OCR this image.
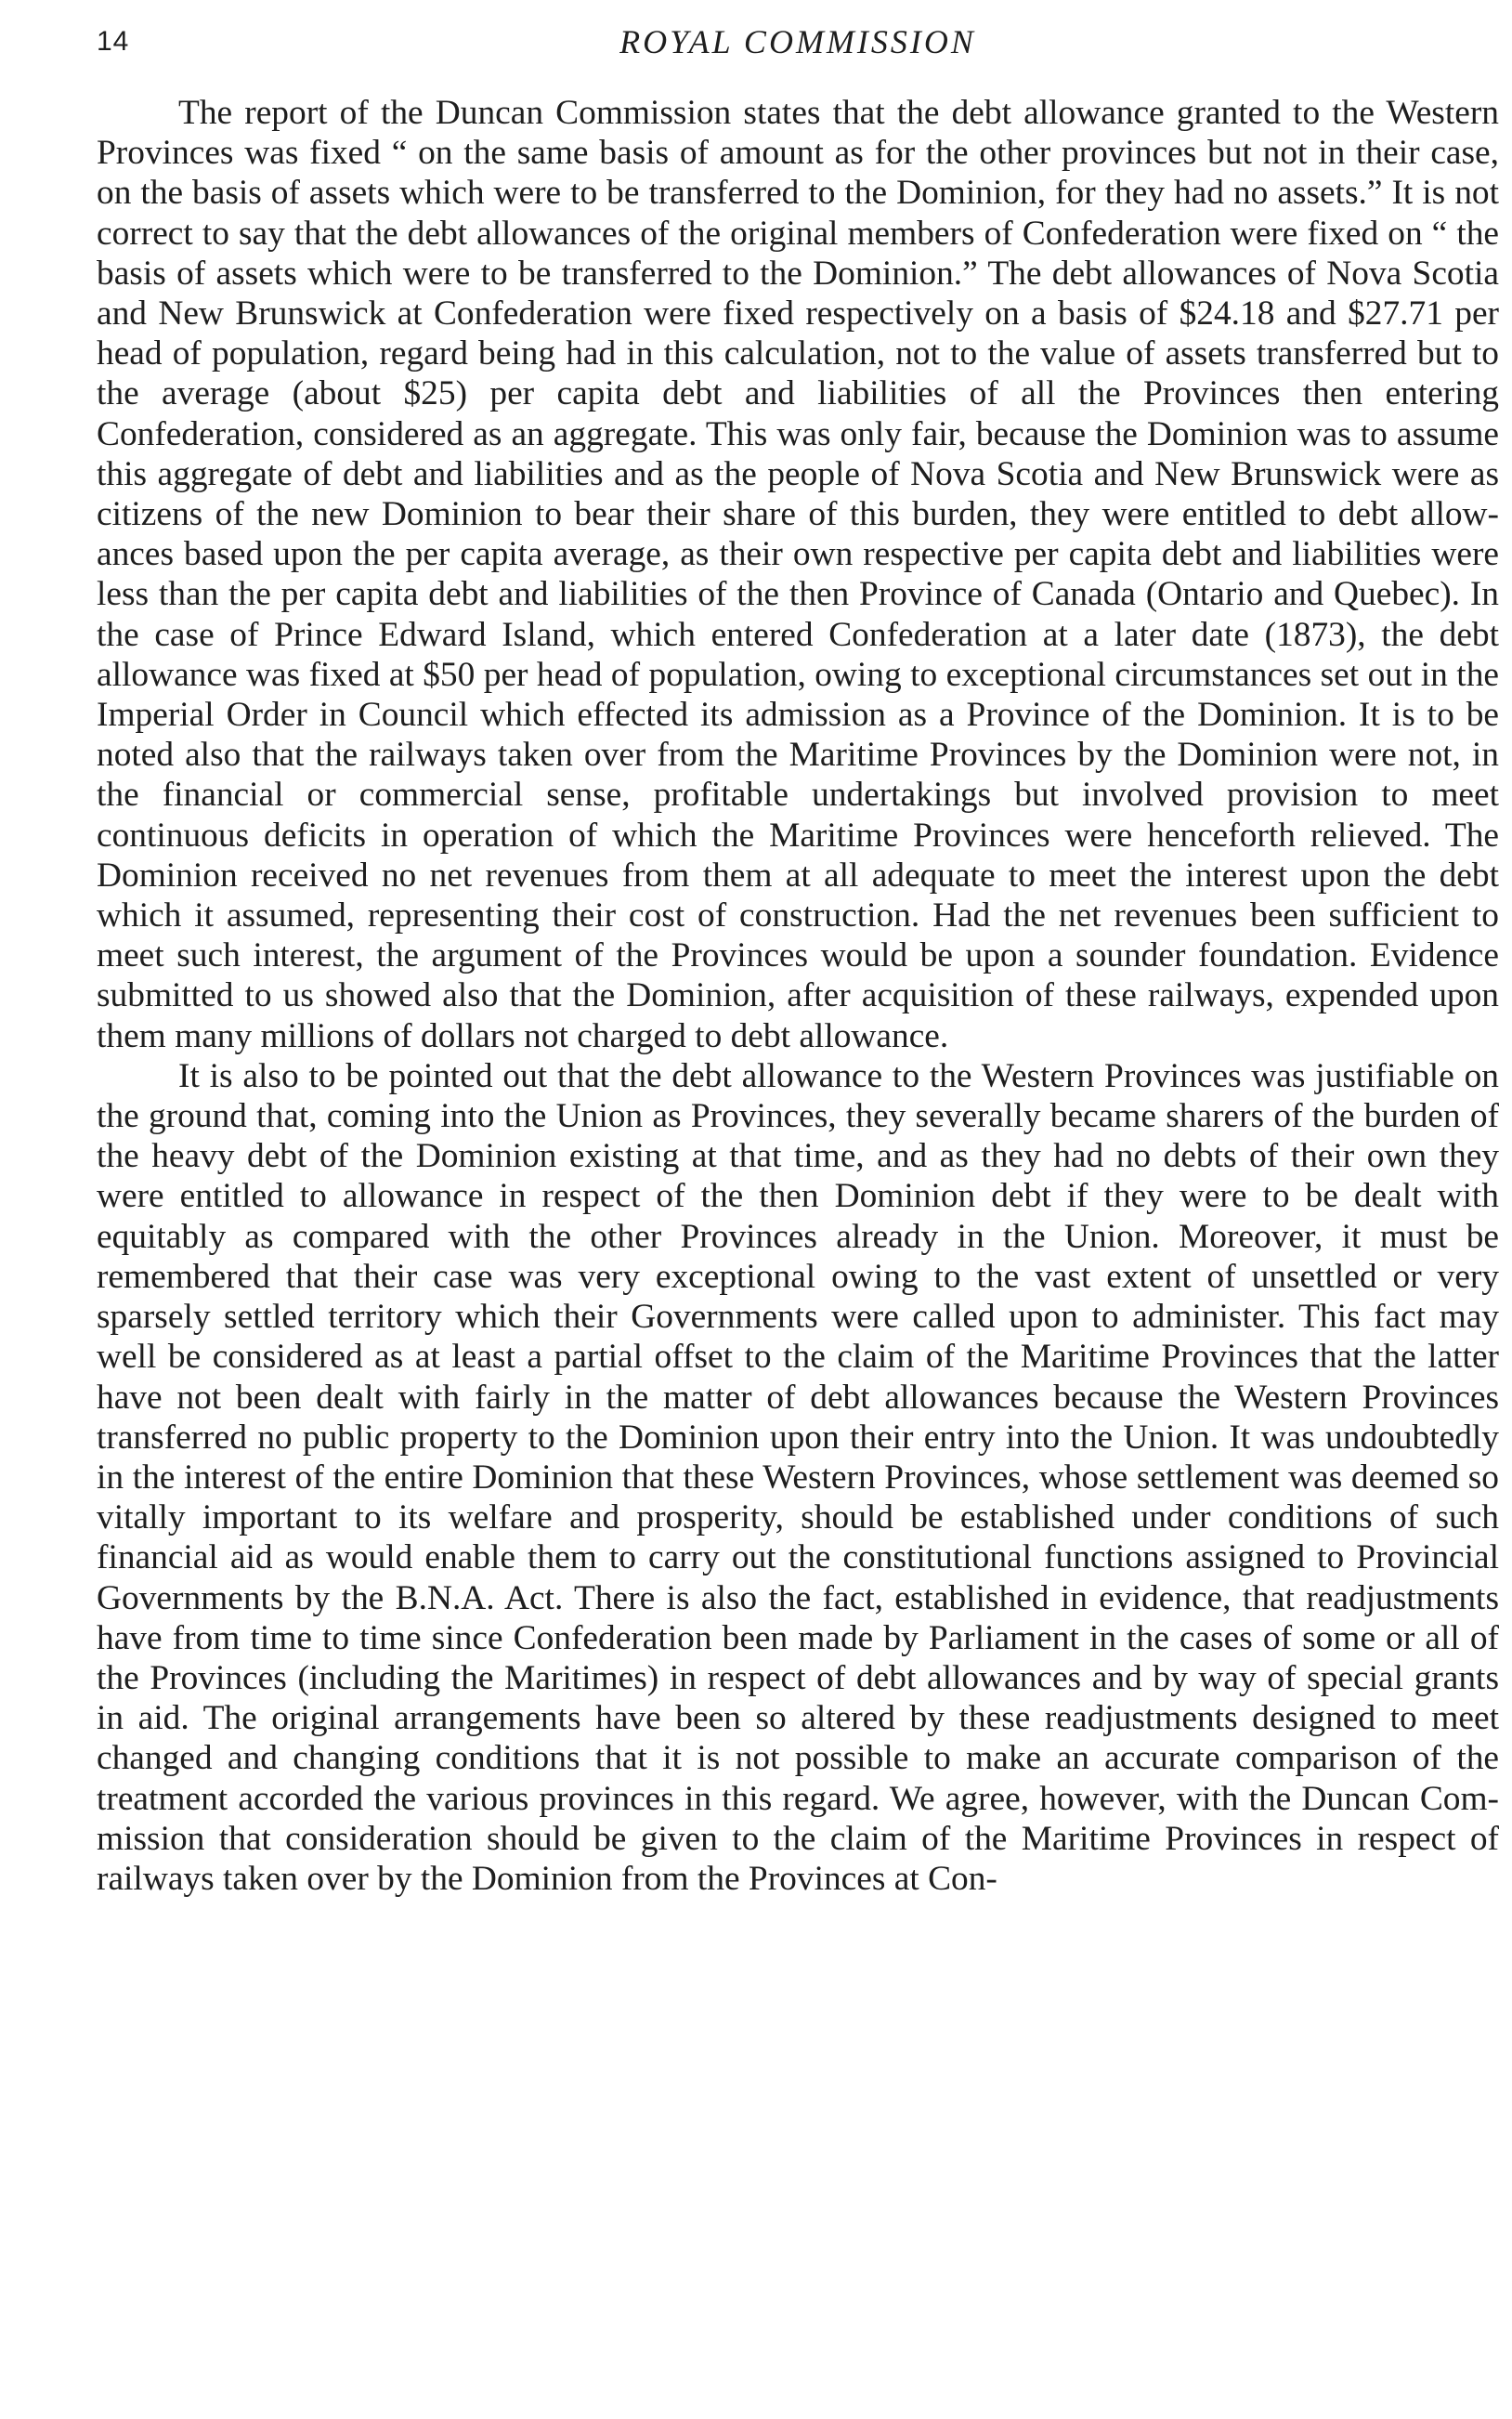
14	ROYAL COMMISSION

The report of the Duncan Commission states that the debt allowance granted to the Western Provinces was fixed “ on the same basis of amount as for the other provinces but not in their case, on the basis of assets which were to be transferred to the Dominion, for they had no assets.” It is not correct to say that the debt allowances of the original members of Confederation were fixed on “ the basis of assets which were to be transferred to the Dominion.” The debt allowances of Nova Scotia and New Brunswick at Confederation were fixed respectively on a basis of $24.18 and $27.71 per head of population, regard being had in this calculation, not to the value of assets transferred but to the average (about $25) per capita debt and liabilities of all the Provinces then entering Confederation, considered as an aggregate. This was only fair, because the Dominion was to assume this aggregate of debt and liabilities and as the people of Nova Scotia and New Brunswick were as citizens of the new Dominion to bear their share of this burden, they were entitled to debt allowances based upon the per capita average, as their own respective per capita debt and liabilities were less than the per capita debt and liabilities of the then Province of Canada (Ontario and Quebec). In the case of Prince Edward Island, which entered Confederation at a later date (1873), the debt allowance was fixed at $50 per head of population, owing to exceptional circumstances set out in the Imperial Order in Council which effected its admission as a Province of the Dominion. It is to be noted also that the railways taken over from the Maritime Provinces by the Dominion were not, in the financial or commercial sense, profitable undertakings but involved provision to meet continuous deficits in operation of which the Maritime Provinces were henceforth relieved. The Dominion received no net revenues from them at all adequate to meet the interest upon the debt which it assumed, representing their cost of construction. Had the net revenues been sufficient to meet such interest, the argument of the Provinces would be upon a sounder foundation. Evidence submitted to us showed also that the Dominion, after acquisition of these railways, expended upon them many millions of dollars not charged to debt allowance.

It is also to be pointed out that the debt allowance to the Western Provinces was justifiable on the ground that, coming into the Union as Provinces, they severally became sharers of the burden of the heavy debt of the Dominion existing at that time, and as they had no debts of their own they were entitled to allowance in respect of the then Dominion debt if they were to be dealt with equitably as compared with the other Provinces already in the Union. Moreover, it must be remembered that their case was very exceptional owing to the vast extent of unsettled or very sparsely settled territory which their Governments were called upon to administer. This fact may well be considered as at least a partial offset to the claim of the Maritime Provinces that the latter have not been dealt with fairly in the matter of debt allowances because the Western Provinces transferred no public property to the Dominion upon their entry into the Union. It was undoubtedly in the interest of the entire Dominion that these Western Provinces, whose settlement was deemed so vitally important to its welfare and prosperity, should be established under conditions of such financial aid as would enable them to carry out the constitutional functions assigned to Provincial Governments by the B.N.A. Act. There is also the fact, established in evidence, that readjustments have from time to time since Confederation been made by Parliament in the cases of some or all of the Provinces (including the Maritimes) in respect of debt allowances and by way of special grants in aid. The original arrangements have been so altered by these readjustments designed to meet changed and changing conditions that it is not possible to make an accurate comparison of the treatment accorded the various provinces in this regard. We agree, however, with the Duncan Commission that consideration should be given to the claim of the Maritime Provinces in respect of railways taken over by the Dominion from the Provinces at Con-
